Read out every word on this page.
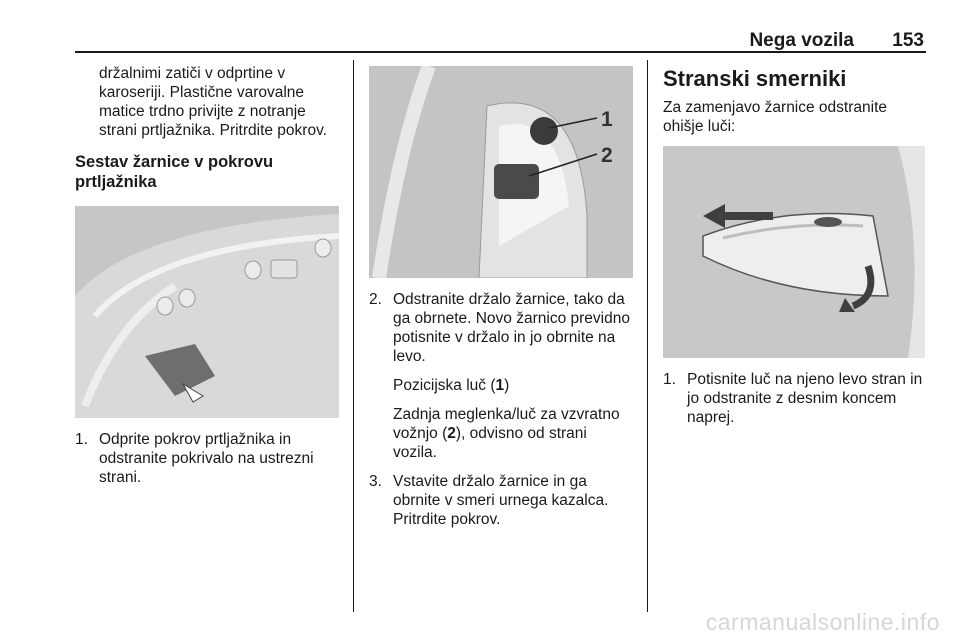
Nega vozila 153

držalnimi zatiči v odprtine v karoseriji. Plastične varovalne matice trdno privijte z notranje strani prtljažnika. Pritrdite pokrov.

Sestav žarnice v pokrovu prtljažnika

1. Odprite pokrov prtljažnika in odstranite pokrivalo na ustrezni strani.
1
2
2. Odstranite držalo žarnice, tako da ga obrnete. Novo žarnico previdno potisnite v držalo in jo obrnite na levo.

Pozicijska luč (1)

Zadnja meglenka/luč za vzvratno vožnjo (2), odvisno od strani vozila.

3. Vstavite držalo žarnice in ga obrnite v smeri urnega kazalca. Pritrdite pokrov.

Stranski smerniki

Za zamenjavo žarnice odstranite ohišje luči:

1. Potisnite luč na njeno levo stran in jo odstranite z desnim koncem naprej.
carmanualsonline.info
